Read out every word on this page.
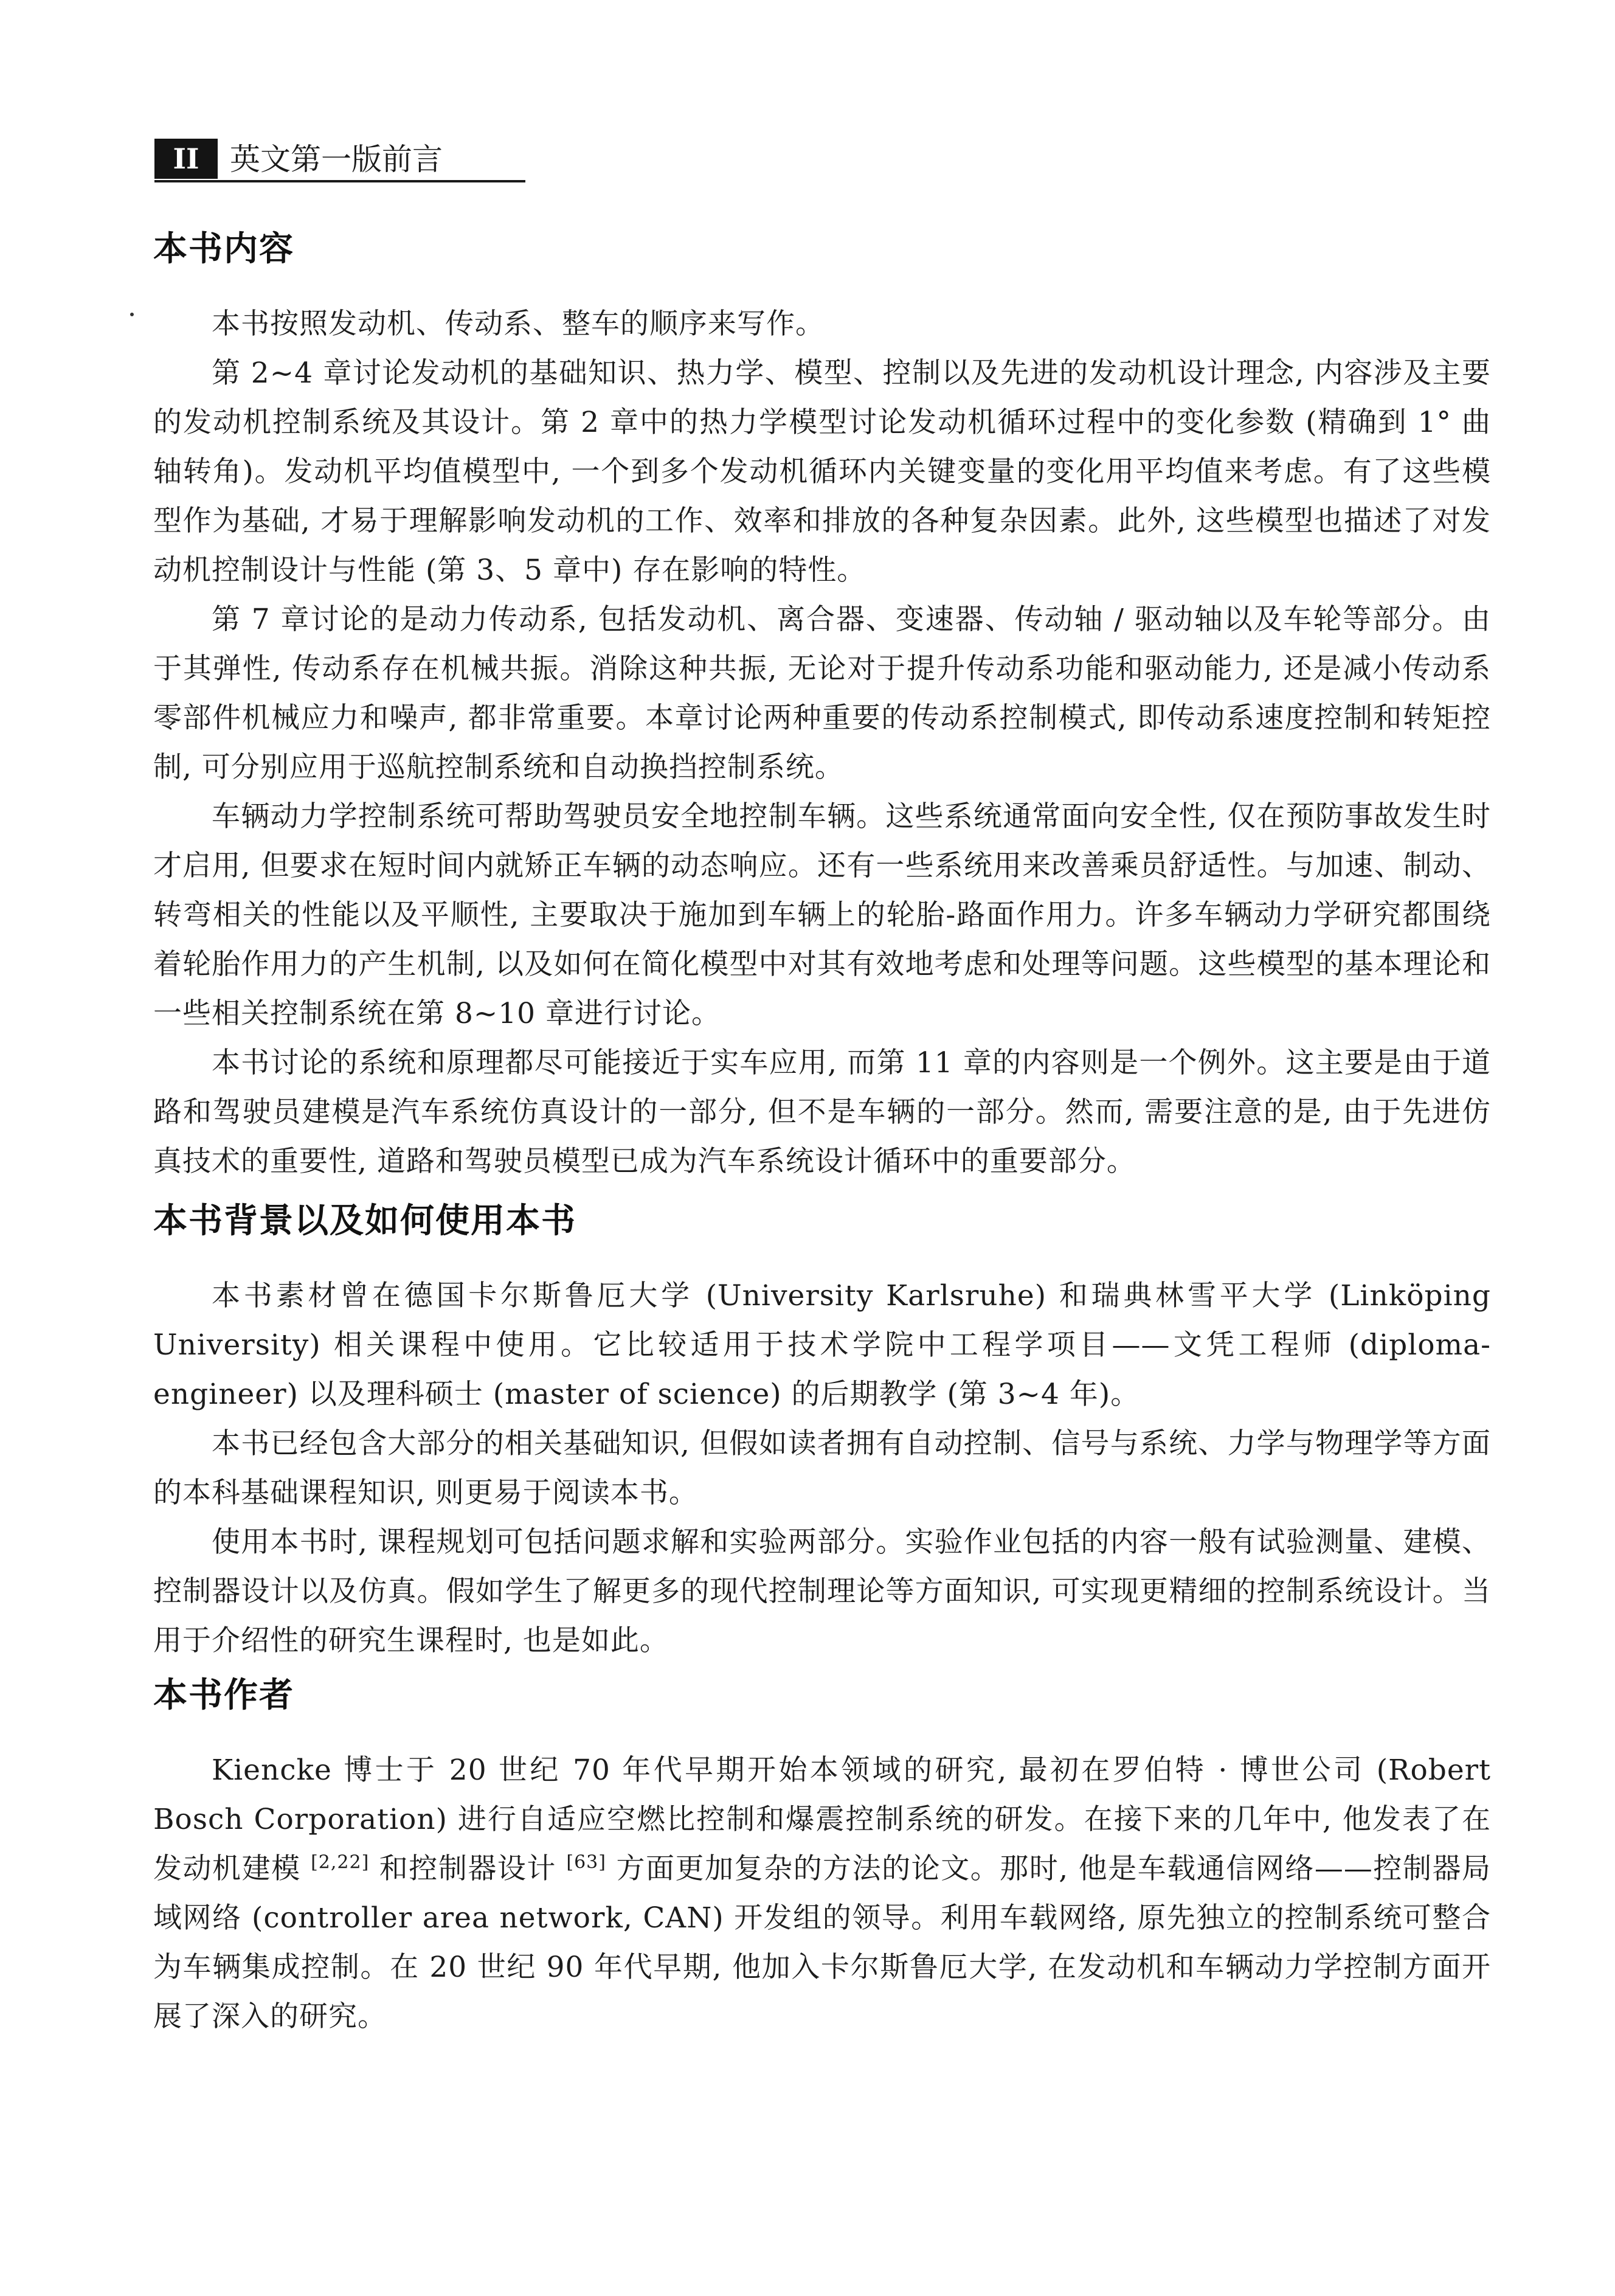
II	英文第一版前言
本书内容

本书按照发动机、传动系、整车的顺序来写作。

第 2~4 章讨论发动机的基础知识、热力学、模型、控制以及先进的发动机设计理念, 内容涉及主要的发动机控制系统及其设计。第 2 章中的热力学模型讨论发动机循环过程中的变化参数 (精确到 1° 曲轴转角)。发动机平均值模型中, 一个到多个发动机循环内关键变量的变化用平均值来考虑。有了这些模型作为基础, 才易于理解影响发动机的工作、效率和排放的各种复杂因素。此外, 这些模型也描述了对发动机控制设计与性能 (第 3、5 章中) 存在影响的特性。

第 7 章讨论的是动力传动系, 包括发动机、离合器、变速器、传动轴 / 驱动轴以及车轮等部分。由于其弹性, 传动系存在机械共振。消除这种共振, 无论对于提升传动系功能和驱动能力, 还是减小传动系零部件机械应力和噪声, 都非常重要。本章讨论两种重要的传动系控制模式, 即传动系速度控制和转矩控制, 可分别应用于巡航控制系统和自动换挡控制系统。

车辆动力学控制系统可帮助驾驶员安全地控制车辆。这些系统通常面向安全性, 仅在预防事故发生时才启用, 但要求在短时间内就矫正车辆的动态响应。还有一些系统用来改善乘员舒适性。与加速、制动、转弯相关的性能以及平顺性, 主要取决于施加到车辆上的轮胎-路面作用力。许多车辆动力学研究都围绕着轮胎作用力的产生机制, 以及如何在简化模型中对其有效地考虑和处理等问题。这些模型的基本理论和一些相关控制系统在第 8~10 章进行讨论。

本书讨论的系统和原理都尽可能接近于实车应用, 而第 11 章的内容则是一个例外。这主要是由于道路和驾驶员建模是汽车系统仿真设计的一部分, 但不是车辆的一部分。然而, 需要注意的是, 由于先进仿真技术的重要性, 道路和驾驶员模型已成为汽车系统设计循环中的重要部分。

本书背景以及如何使用本书

本书素材曾在德国卡尔斯鲁厄大学 (University Karlsruhe) 和瑞典林雪平大学 (Linköping University) 相关课程中使用。它比较适用于技术学院中工程学项目——文凭工程师 (diploma-engineer) 以及理科硕士 (master of science) 的后期教学 (第 3~4 年)。

本书已经包含大部分的相关基础知识, 但假如读者拥有自动控制、信号与系统、力学与物理学等方面的本科基础课程知识, 则更易于阅读本书。

使用本书时, 课程规划可包括问题求解和实验两部分。实验作业包括的内容一般有试验测量、建模、控制器设计以及仿真。假如学生了解更多的现代控制理论等方面知识, 可实现更精细的控制系统设计。当用于介绍性的研究生课程时, 也是如此。

本书作者

Kiencke 博士于 20 世纪 70 年代早期开始本领域的研究, 最初在罗伯特 · 博世公司 (Robert Bosch Corporation) 进行自适应空燃比控制和爆震控制系统的研发。在接下来的几年中, 他发表了在发动机建模 [2,22] 和控制器设计 [63] 方面更加复杂的方法的论文。那时, 他是车载通信网络——控制器局域网络 (controller area network, CAN) 开发组的领导。利用车载网络, 原先独立的控制系统可整合为车辆集成控制。在 20 世纪 90 年代早期, 他加入卡尔斯鲁厄大学, 在发动机和车辆动力学控制方面开展了深入的研究。
